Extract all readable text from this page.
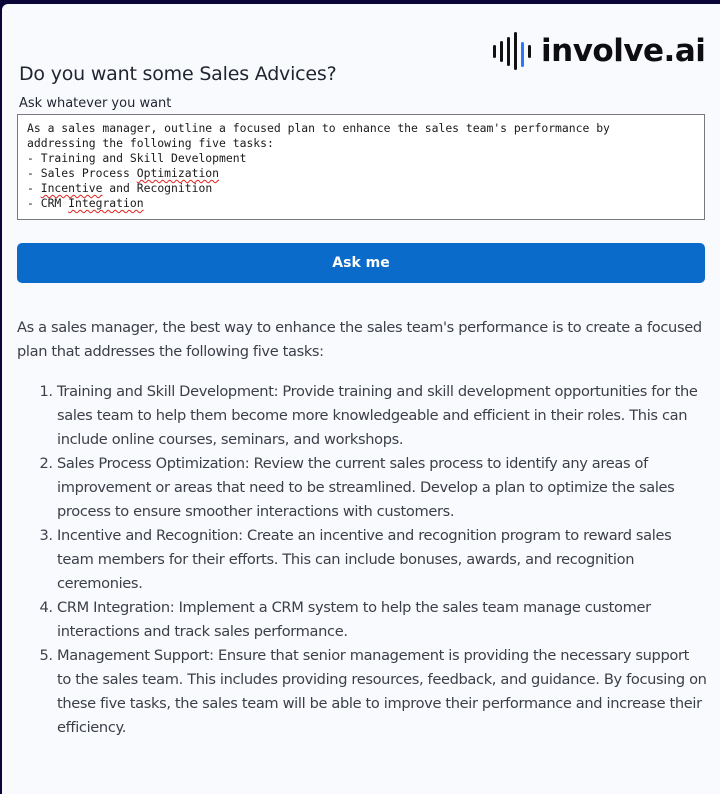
Do you want some Sales Advices?
involve.ai
Ask whatever you want
As a sales manager, outline a focused plan to enhance the sales team's performance by
addressing the following five tasks:
- Training and Skill Development
- Sales Process Optimization
- Incentive and Recognition
- CRM Integration
Ask me

As a sales manager, the best way to enhance the sales team's performance is to create a focused plan that addresses the following five tasks:

1. Training and Skill Development: Provide training and skill development opportunities for the sales team to help them become more knowledgeable and efficient in their roles. This can include online courses, seminars, and workshops.
2. Sales Process Optimization: Review the current sales process to identify any areas of improvement or areas that need to be streamlined. Develop a plan to optimize the sales process to ensure smoother interactions with customers.
3. Incentive and Recognition: Create an incentive and recognition program to reward sales team members for their efforts. This can include bonuses, awards, and recognition ceremonies.
4. CRM Integration: Implement a CRM system to help the sales team manage customer interactions and track sales performance.
5. Management Support: Ensure that senior management is providing the necessary support to the sales team. This includes providing resources, feedback, and guidance. By focusing on these five tasks, the sales team will be able to improve their performance and increase their efficiency.
